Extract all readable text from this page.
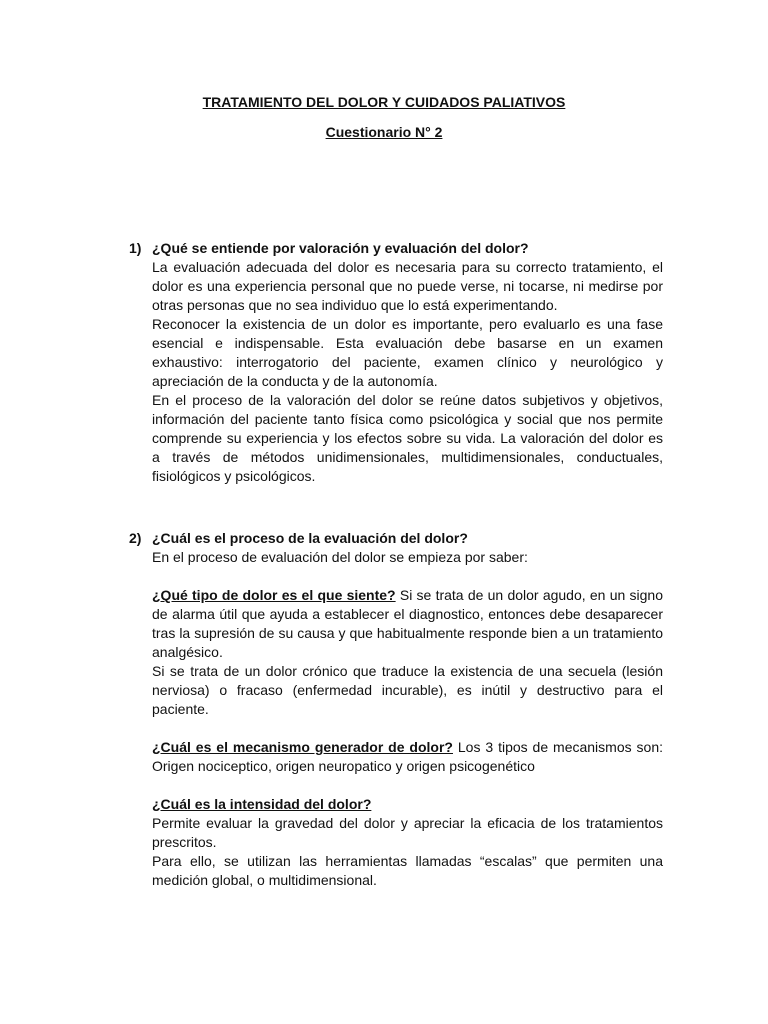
TRATAMIENTO DEL DOLOR Y CUIDADOS PALIATIVOS
Cuestionario N° 2
1) ¿Qué se entiende por valoración y evaluación del dolor?

La evaluación adecuada del dolor es necesaria para su correcto tratamiento, el dolor es una experiencia personal que no puede verse, ni tocarse, ni medirse por otras personas que no sea individuo que lo está experimentando.

Reconocer la existencia de un dolor es importante, pero evaluarlo es una fase esencial e indispensable. Esta evaluación debe basarse en un examen exhaustivo: interrogatorio del paciente, examen clínico y neurológico y apreciación de la conducta y de la autonomía.

En el proceso de la valoración del dolor se reúne datos subjetivos y objetivos, información del paciente tanto física como psicológica y social que nos permite comprende su experiencia y los efectos sobre su vida. La valoración del dolor es a través de métodos unidimensionales, multidimensionales, conductuales, fisiológicos y psicológicos.

2) ¿Cuál es el proceso de la evaluación del dolor?

En el proceso de evaluación del dolor se empieza por saber:

¿Qué tipo de dolor es el que siente? Si se trata de un dolor agudo, en un signo de alarma útil que ayuda a establecer el diagnostico, entonces debe desaparecer tras la supresión de su causa y que habitualmente responde bien a un tratamiento analgésico.

Si se trata de un dolor crónico que traduce la existencia de una secuela (lesión nerviosa) o fracaso (enfermedad incurable), es inútil y destructivo para el paciente.

¿Cuál es el mecanismo generador de dolor? Los 3 tipos de mecanismos son: Origen nociceptico, origen neuropatico y origen psicogenético

¿Cuál es la intensidad del dolor?

Permite evaluar la gravedad del dolor y apreciar la eficacia de los tratamientos prescritos.

Para ello, se utilizan las herramientas llamadas “escalas” que permiten una medición global, o multidimensional.
